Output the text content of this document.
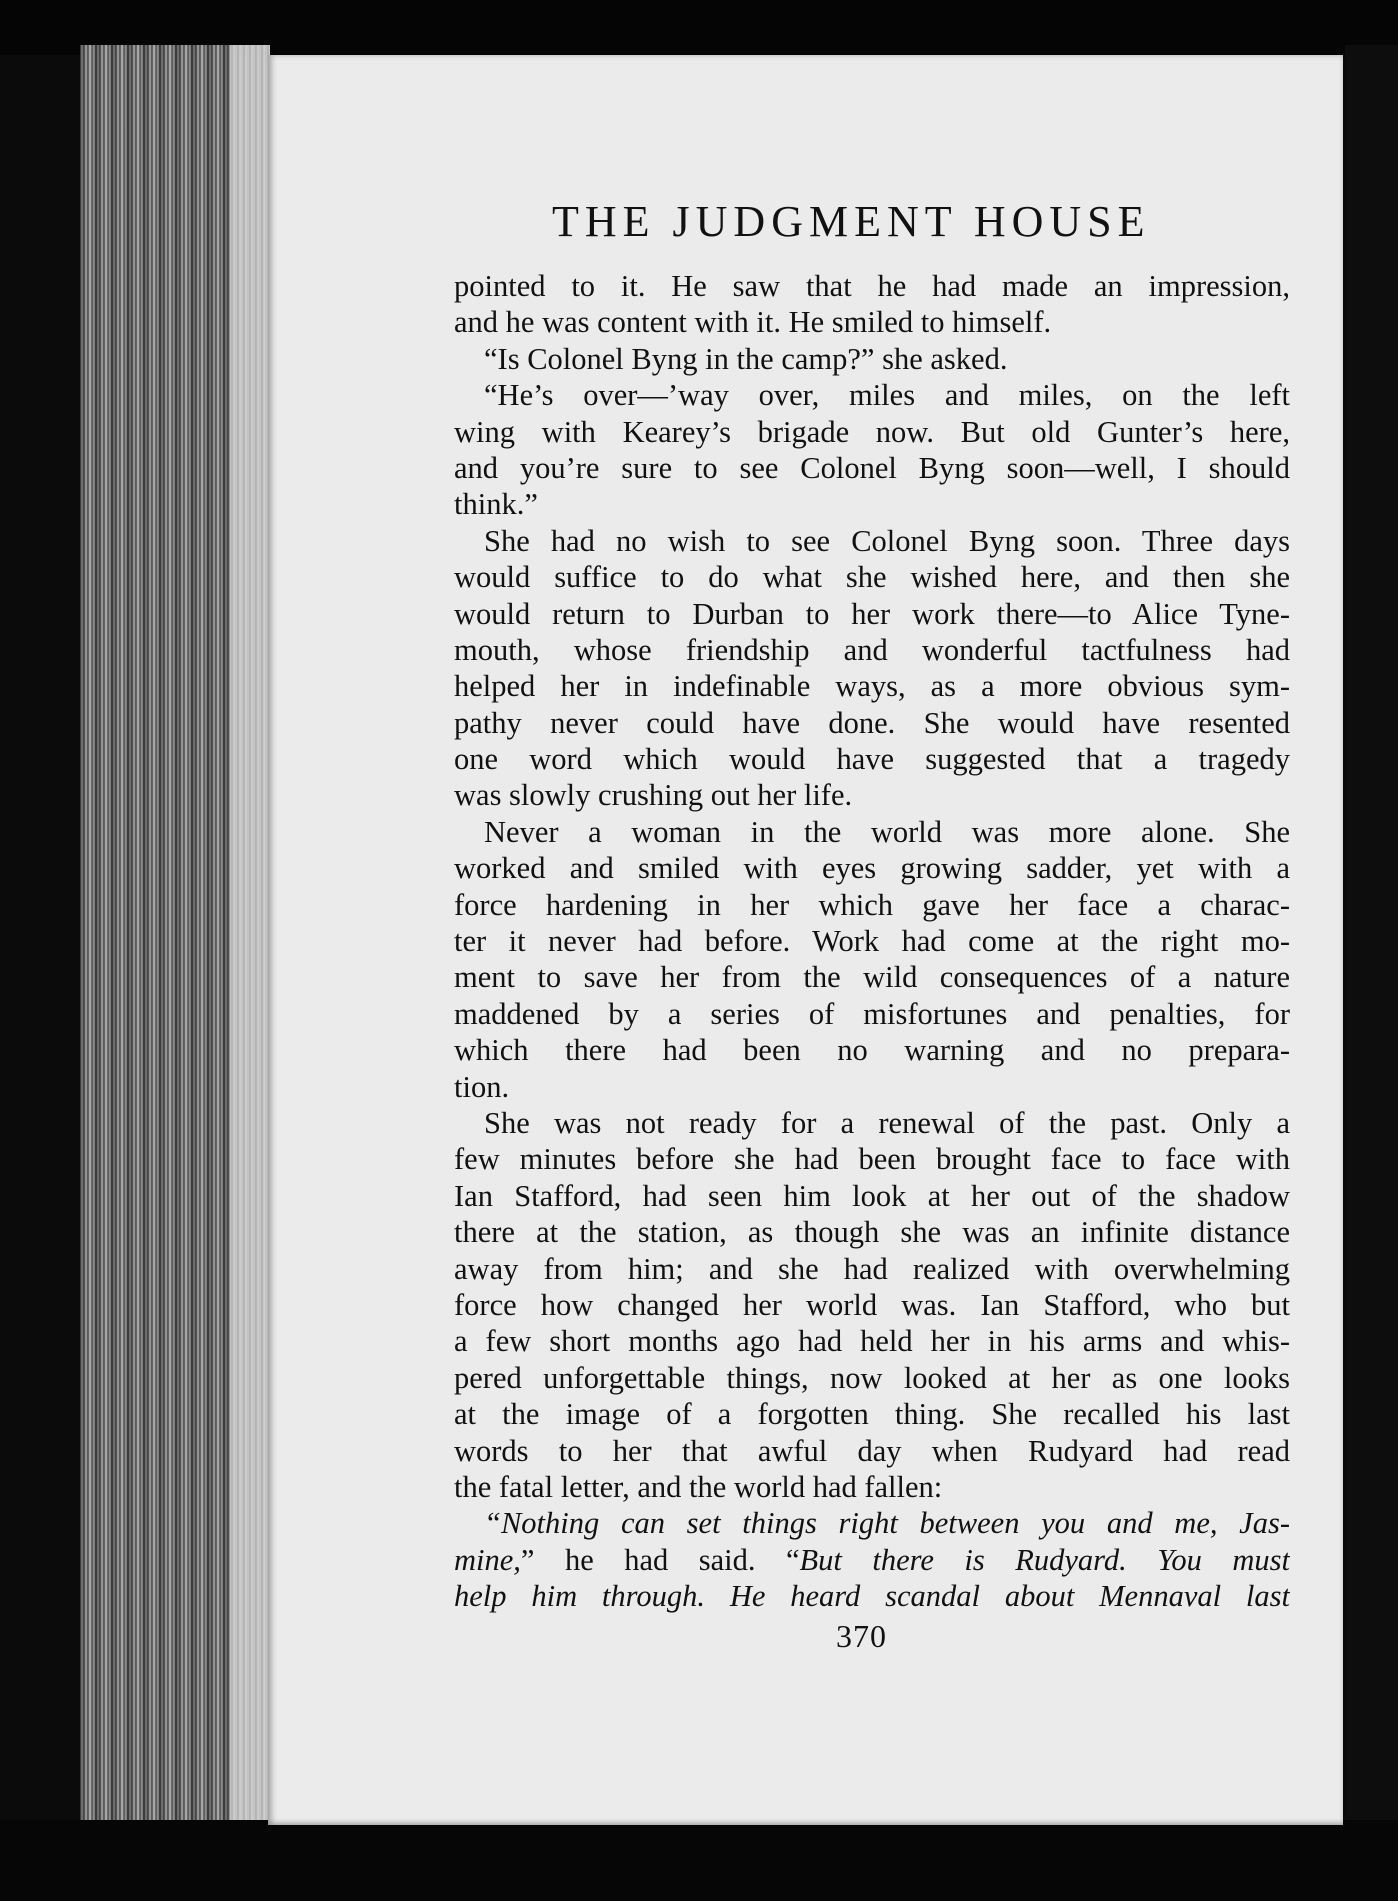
THE JUDGMENT HOUSE
pointed to it. He saw that he had made an impression,
and he was content with it. He smiled to himself.
“Is Colonel Byng in the camp?” she asked.
“He’s over—’way over, miles and miles, on the left
wing with Kearey’s brigade now. But old Gunter’s here,
and you’re sure to see Colonel Byng soon—well, I should
think.”
She had no wish to see Colonel Byng soon. Three days
would suffice to do what she wished here, and then she
would return to Durban to her work there—to Alice Tyne-
mouth, whose friendship and wonderful tactfulness had
helped her in indefinable ways, as a more obvious sym-
pathy never could have done. She would have resented
one word which would have suggested that a tragedy
was slowly crushing out her life.
Never a woman in the world was more alone. She
worked and smiled with eyes growing sadder, yet with a
force hardening in her which gave her face a charac-
ter it never had before. Work had come at the right mo-
ment to save her from the wild consequences of a nature
maddened by a series of misfortunes and penalties, for
which there had been no warning and no prepara-
tion.
She was not ready for a renewal of the past. Only a
few minutes before she had been brought face to face with
Ian Stafford, had seen him look at her out of the shadow
there at the station, as though she was an infinite distance
away from him; and she had realized with overwhelming
force how changed her world was. Ian Stafford, who but
a few short months ago had held her in his arms and whis-
pered unforgettable things, now looked at her as one looks
at the image of a forgotten thing. She recalled his last
words to her that awful day when Rudyard had read
the fatal letter, and the world had fallen:
“Nothing can set things right between you and me, Jas-
mine,” he had said. “But there is Rudyard. You must
help him through. He heard scandal about Mennaval last
370
